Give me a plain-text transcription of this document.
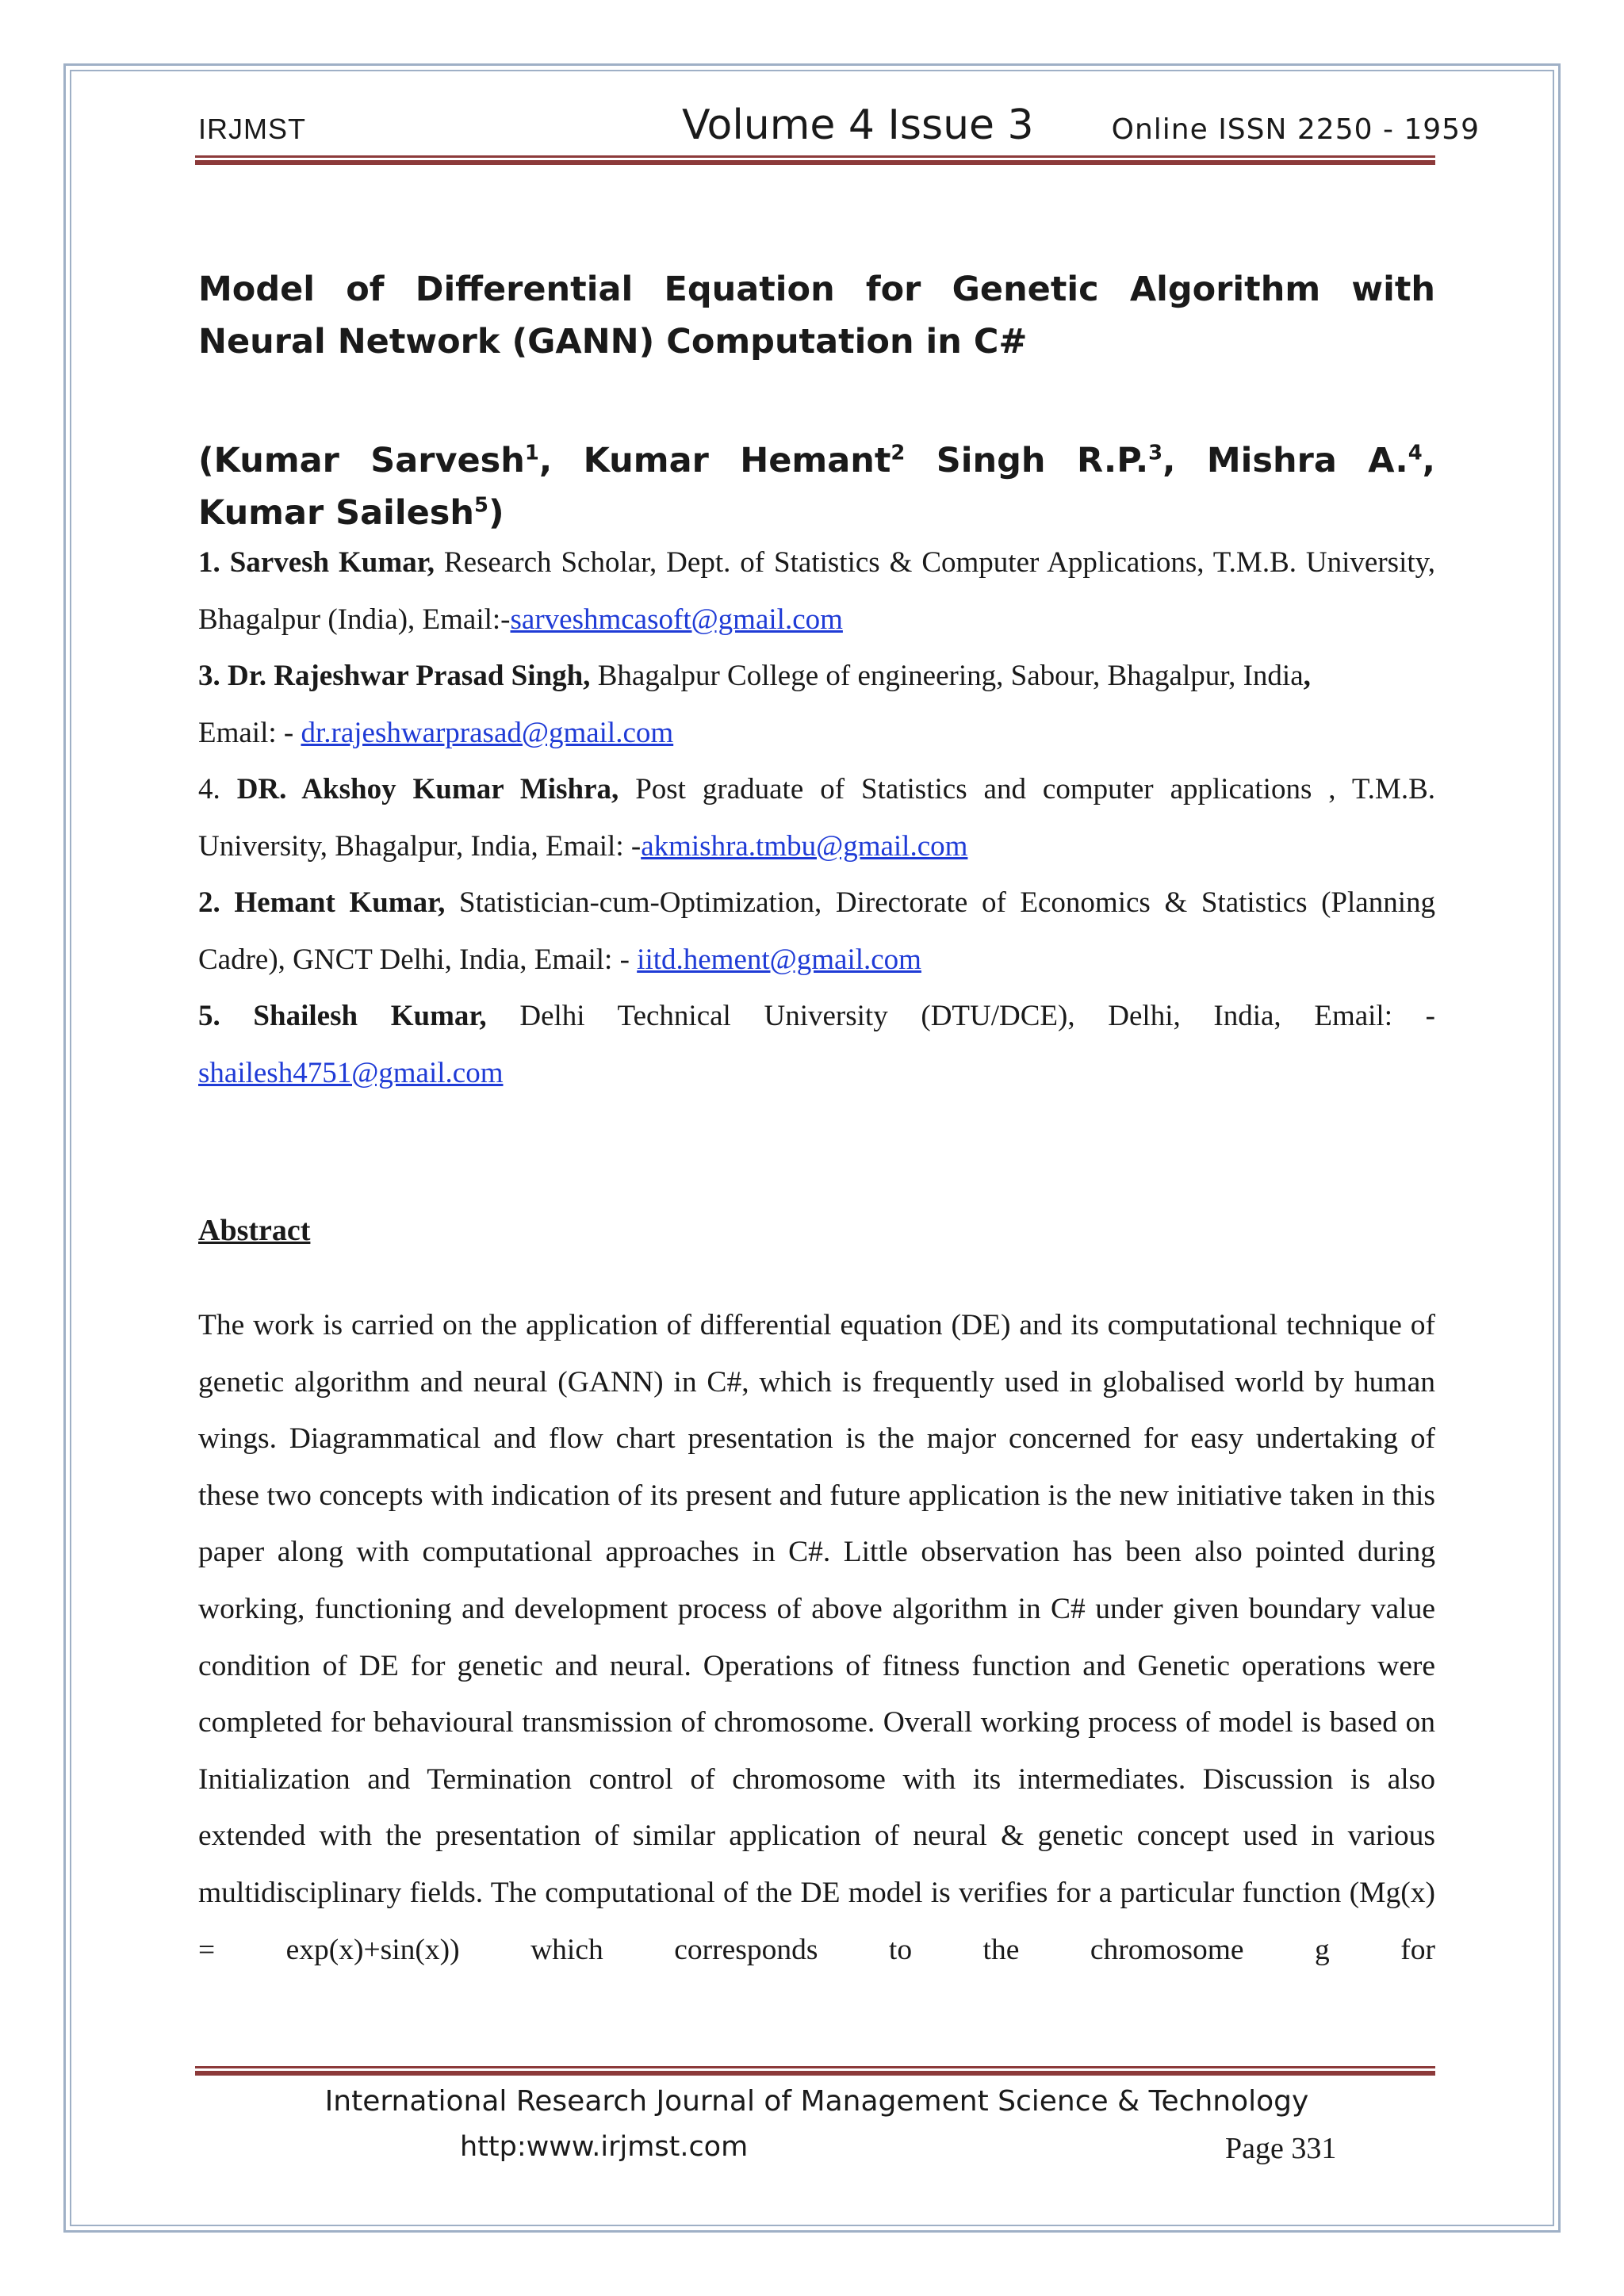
IRJMST	Volume 4 Issue 3	Online ISSN 2250 - 1959
Model of Differential Equation for Genetic Algorithm with Neural Network (GANN) Computation in C#
(Kumar Sarvesh$^1$, Kumar Hemant$^2$ Singh R.P.$^3$, Mishra A.$^4$, Kumar Sailesh$^5$)

1. Sarvesh Kumar, Research Scholar, Dept. of Statistics & Computer Applications, T.M.B. University, Bhagalpur (India), Email:-sarveshmcasoft@gmail.com

3. Dr. Rajeshwar Prasad Singh, Bhagalpur College of engineering, Sabour, Bhagalpur, India,

Email: - dr.rajeshwarprasad@gmail.com

4. DR. Akshoy Kumar Mishra, Post graduate of Statistics and computer applications , T.M.B. University, Bhagalpur, India, Email: -akmishra.tmbu@gmail.com

2. Hemant Kumar, Statistician-cum-Optimization, Directorate of Economics & Statistics (Planning Cadre), GNCT Delhi, India, Email: - iitd.hement@gmail.com

5. Shailesh Kumar, Delhi Technical University (DTU/DCE), Delhi, India, Email: - shailesh4751@gmail.com

Abstract
The work is carried on the application of differential equation (DE) and its computational technique of genetic algorithm and neural (GANN) in C#, which is frequently used in globalised world by human wings. Diagrammatical and flow chart presentation is the major concerned for easy undertaking of these two concepts with indication of its present and future application is the new initiative taken in this paper along with computational approaches in C#. Little observation has been also pointed during working, functioning and development process of above algorithm in C# under given boundary value condition of DE for genetic and neural. Operations of fitness function and Genetic operations were completed for behavioural transmission of chromosome. Overall working process of model is based on Initialization and Termination control of chromosome with its intermediates. Discussion is also extended with the presentation of similar application of neural & genetic concept used in various multidisciplinary fields. The computational of the DE model is verifies for a particular function (Mg(x) = exp(x)+sin(x)) which corresponds to the chromosome g for
International Research Journal of Management Science & Technology
http:www.irjmst.com	Page 331
